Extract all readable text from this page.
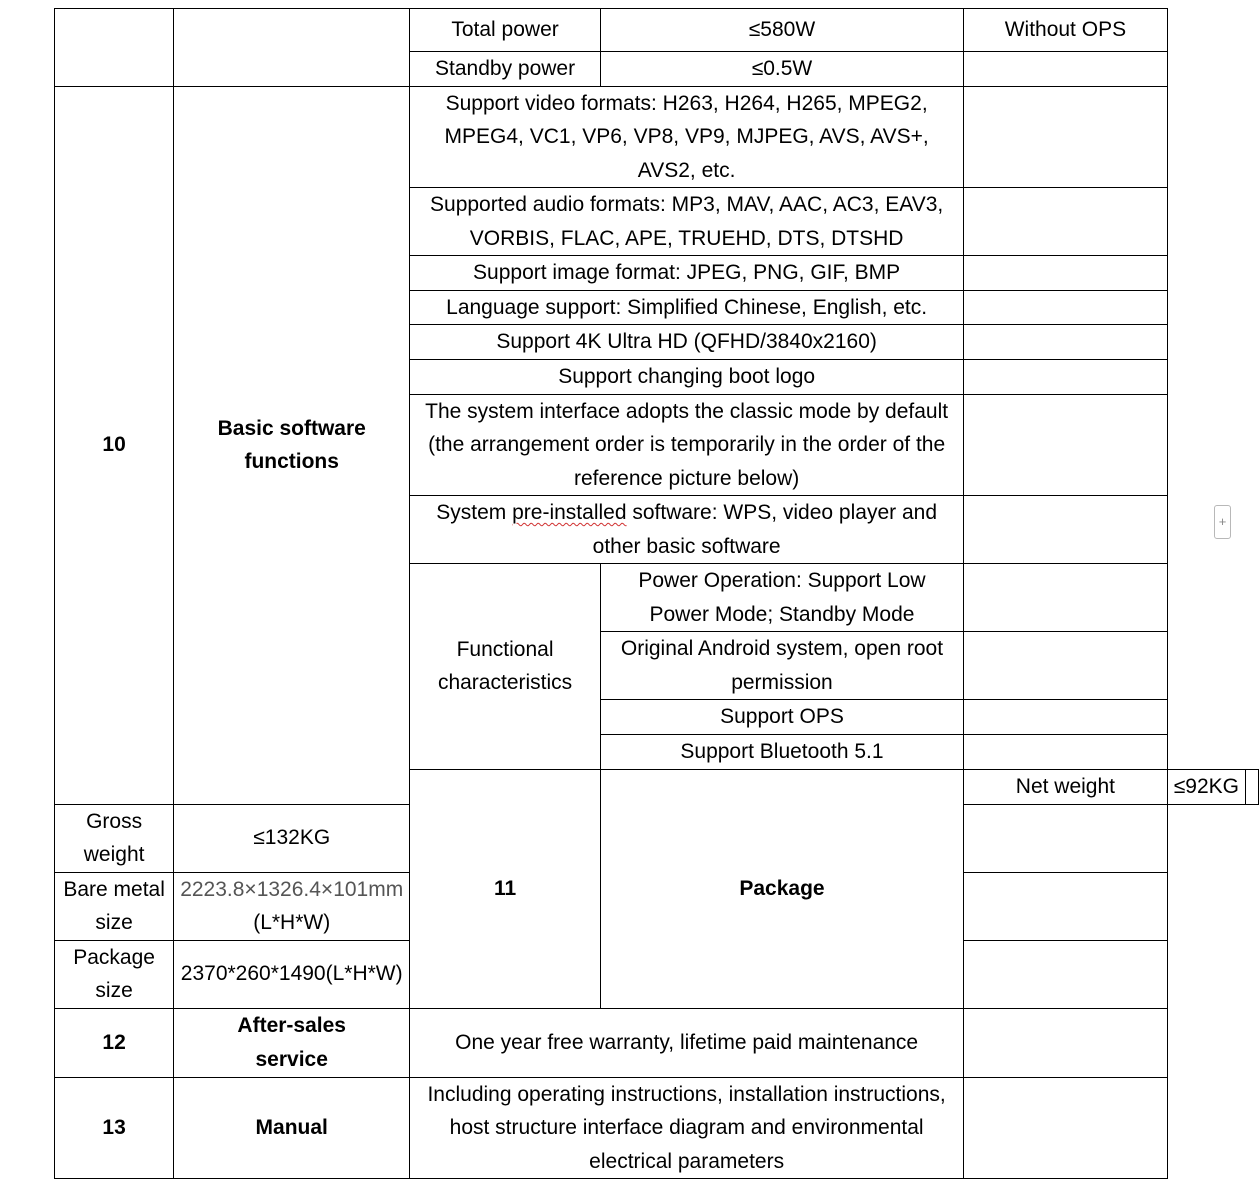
		Total power	≤580W	Without OPS		
		Standby power	≤0.5W			
10	Basic software functions	Support video formats: H263, H264, H265, MPEG2, MPEG4, VC1, VP6, VP8, VP9, MJPEG, AVS, AVS+, AVS2, etc.				
		Supported audio formats: MP3, MAV, AAC, AC3, EAV3, VORBIS, FLAC, APE, TRUEHD, DTS, DTSHD				
		Support image format: JPEG, PNG, GIF, BMP				
		Language support: Simplified Chinese, English, etc.				
		Support 4K Ultra HD (QFHD/3840x2160)				
		Support changing boot logo				
		The system interface adopts the classic mode by default (the arrangement order is temporarily in the order of the reference picture below)				
		System pre-installed software: WPS, video player and other basic software				
		Functional characteristics	Power Operation: Support Low Power Mode; Standby Mode			
			Original Android system, open root permission			
			Support OPS			
			Support Bluetooth 5.1			
		11	Package	Net weight	≤92KG	
Gross weight	≤132KG					
Bare metal size	2223.8×1326.4×101mm (L*H*W)					
Package size	2370*260*1490(L*H*W)					
12	After-sales service	One year free warranty, lifetime paid maintenance				
13	Manual	Including operating instructions, installation instructions, host structure interface diagram and environmental electrical parameters				
+
